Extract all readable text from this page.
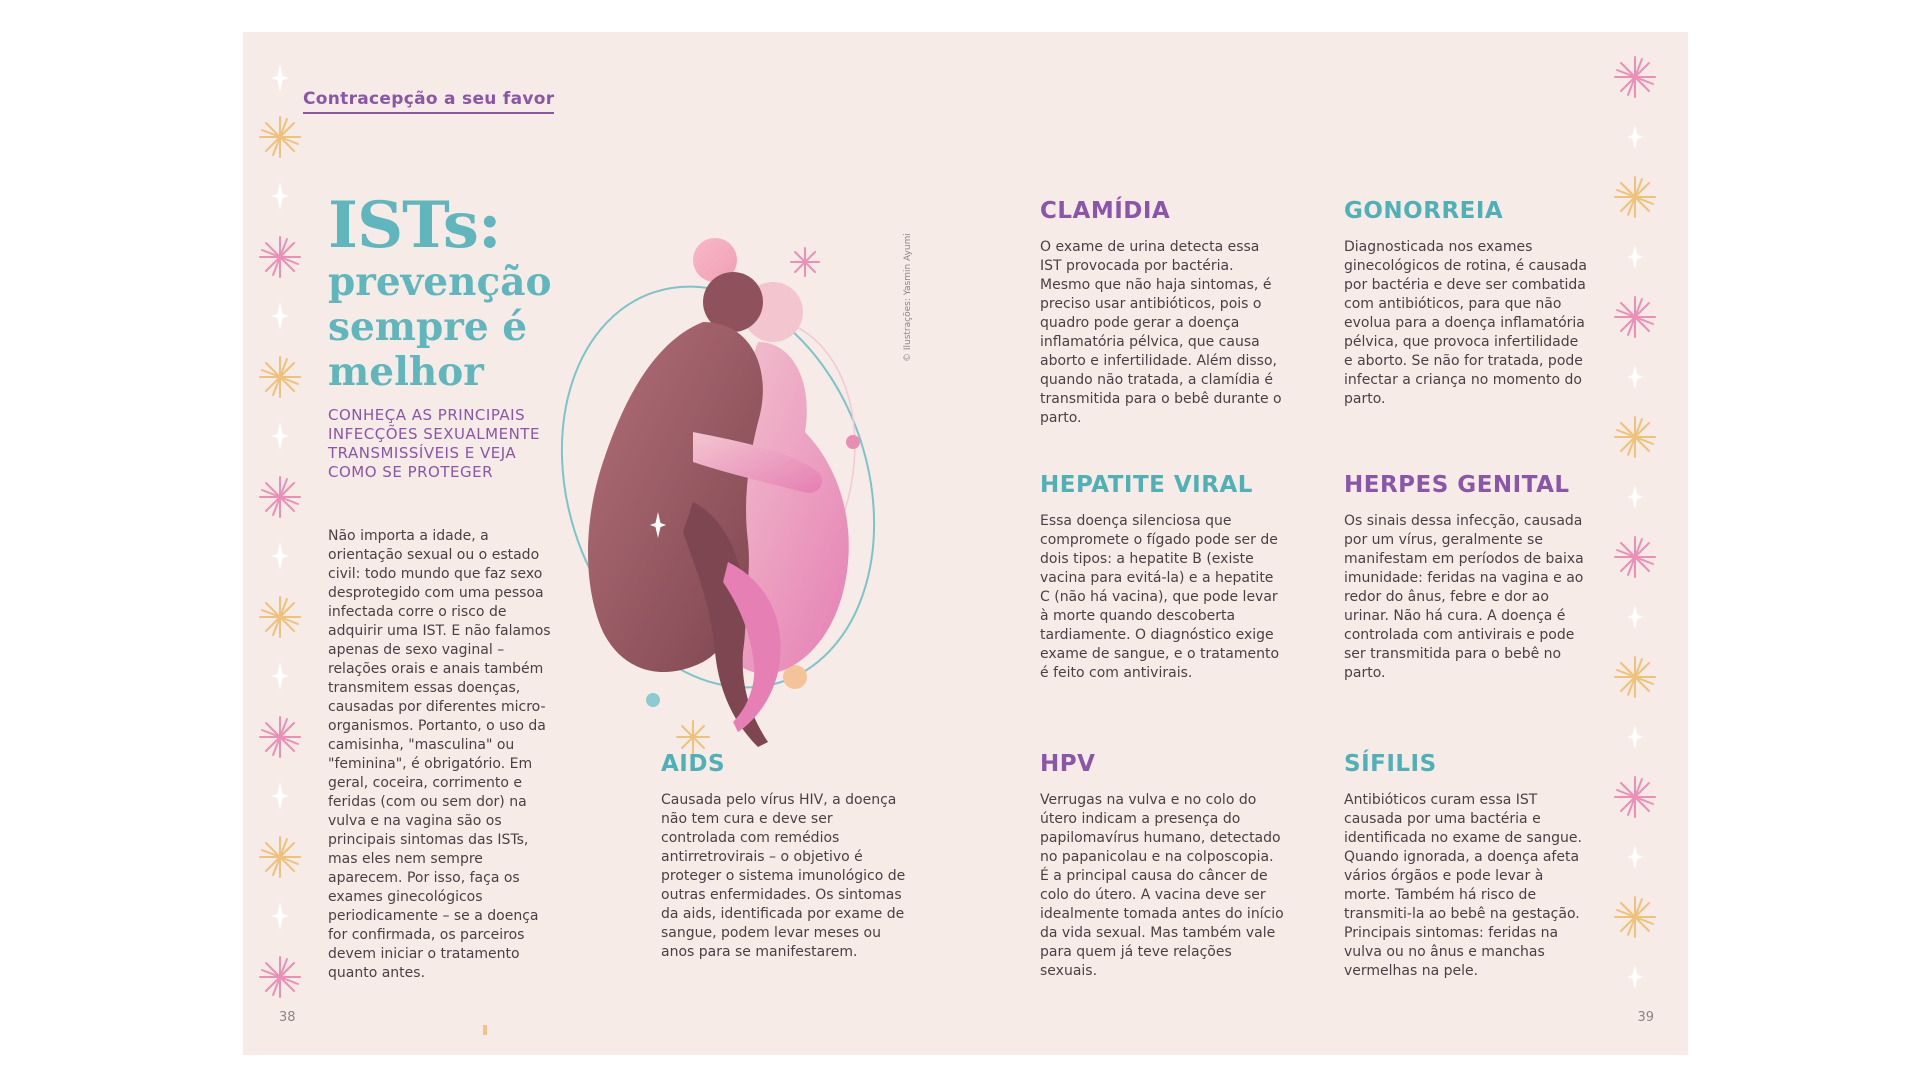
Contracepção a seu favor
ISTs:
prevenção sempre é melhor
CONHEÇA AS PRINCIPAIS INFECÇÕES SEXUALMENTE TRANSMISSÍVEIS E VEJA COMO SE PROTEGER
Não importa a idade, a orientação sexual ou o estado civil: todo mundo que faz sexo desprotegido com uma pessoa infectada corre o risco de adquirir uma IST. E não falamos apenas de sexo vaginal – relações orais e anais também transmitem essas doenças, causadas por diferentes micro-organismos. Portanto, o uso da camisinha, "masculina" ou "feminina", é obrigatório. Em geral, coceira, corrimento e feridas (com ou sem dor) na vulva e na vagina são os principais sintomas das ISTs, mas eles nem sempre aparecem. Por isso, faça os exames ginecológicos periodicamente – se a doença for confirmada, os parceiros devem iniciar o tratamento quanto antes.
© Ilustrações: Yasmin Ayumi
CLAMÍDIA
O exame de urina detecta essa IST provocada por bactéria. Mesmo que não haja sintomas, é preciso usar antibióticos, pois o quadro pode gerar a doença inflamatória pélvica, que causa aborto e infertilidade. Além disso, quando não tratada, a clamídia é transmitida para o bebê durante o parto.
GONORREIA
Diagnosticada nos exames ginecológicos de rotina, é causada por bactéria e deve ser combatida com antibióticos, para que não evolua para a doença inflamatória pélvica, que provoca infertilidade e aborto. Se não for tratada, pode infectar a criança no momento do parto.
HEPATITE VIRAL
Essa doença silenciosa que compromete o fígado pode ser de dois tipos: a hepatite B (existe vacina para evitá-la) e a hepatite C (não há vacina), que pode levar à morte quando descoberta tardiamente. O diagnóstico exige exame de sangue, e o tratamento é feito com antivirais.
HERPES GENITAL
Os sinais dessa infecção, causada por um vírus, geralmente se manifestam em períodos de baixa imunidade: feridas na vagina e ao redor do ânus, febre e dor ao urinar. Não há cura. A doença é controlada com antivirais e pode ser transmitida para o bebê no parto.
AIDS
Causada pelo vírus HIV, a doença não tem cura e deve ser controlada com remédios antirretrovirais – o objetivo é proteger o sistema imunológico de outras enfermidades. Os sintomas da aids, identificada por exame de sangue, podem levar meses ou anos para se manifestarem.
HPV
Verrugas na vulva e no colo do útero indicam a presença do papilomavírus humano, detectado no papanicolau e na colposcopia. É a principal causa do câncer de colo do útero. A vacina deve ser idealmente tomada antes do início da vida sexual. Mas também vale para quem já teve relações sexuais.
SÍFILIS
Antibióticos curam essa IST causada por uma bactéria e identificada no exame de sangue. Quando ignorada, a doença afeta vários órgãos e pode levar à morte. Também há risco de transmiti-la ao bebê na gestação. Principais sintomas: feridas na vulva ou no ânus e manchas vermelhas na pele.
38	39
